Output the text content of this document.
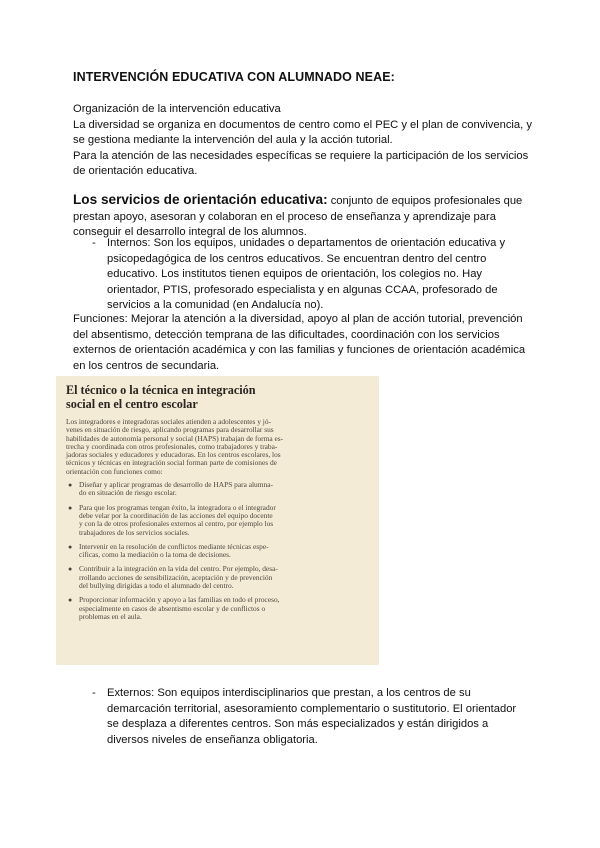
INTERVENCIÓN EDUCATIVA CON ALUMNADO NEAE:
Organización de la intervención educativa
La diversidad se organiza en documentos de centro como el PEC y el plan de convivencia, y
se gestiona mediante la intervención del aula y la acción tutorial.
Para la atención de las necesidades específicas se requiere la participación de los servicios
de orientación educativa.
Los servicios de orientación educativa: conjunto de equipos profesionales que
prestan apoyo, asesoran y colaboran en el proceso de enseñanza y aprendizaje para
conseguir el desarrollo integral de los alumnos.
- Internos: Son los equipos, unidades o departamentos de orientación educativa y
psicopedagógica de los centros educativos. Se encuentran dentro del centro
educativo. Los institutos tienen equipos de orientación, los colegios no. Hay
orientador, PTIS, profesorado especialista y en algunas CCAA, profesorado de
servicios a la comunidad (en Andalucía no).
Funciones: Mejorar la atención a la diversidad, apoyo al plan de acción tutorial, prevención
del absentismo, detección temprana de las dificultades, coordinación con los servicios
externos de orientación académica y con las familias y funciones de orientación académica
en los centros de secundaria.
El técnico o la técnica en integración
social en el centro escolar

Los integradores e integradoras sociales atienden a adolescentes y jó-
venes en situación de riesgo, aplicando programas para desarrollar sus
habilidades de autonomía personal y social (HAPS) trabajan de forma es-
trecha y coordinada con otros profesionales, como trabajadores y traba-
jadoras sociales y educadores y educadoras. En los centros escolares, los
técnicos y técnicas en integración social forman parte de comisiones de
orientación con funciones como:

● Diseñar y aplicar programas de desarrollo de HAPS para alumna-
do en situación de riesgo escolar.
● Para que los programas tengan éxito, la integradora o el integrador
debe velar por la coordinación de las acciones del equipo docente
y con la de otros profesionales externos al centro, por ejemplo los
trabajadores de los servicios sociales.
● Intervenir en la resolución de conflictos mediante técnicas espe-
cíficas, como la mediación o la toma de decisiones.
● Contribuir a la integración en la vida del centro. Por ejemplo, desa-
rrollando acciones de sensibilización, aceptación y de prevención
del bullying dirigidas a todo el alumnado del centro.
● Proporcionar información y apoyo a las familias en todo el proceso,
especialmente en casos de absentismo escolar y de conflictos o
problemas en el aula.
- Externos: Son equipos interdisciplinarios que prestan, a los centros de su
demarcación territorial, asesoramiento complementario o sustitutorio. El orientador
se desplaza a diferentes centros. Son más especializados y están dirigidos a
diversos niveles de enseñanza obligatoria.
